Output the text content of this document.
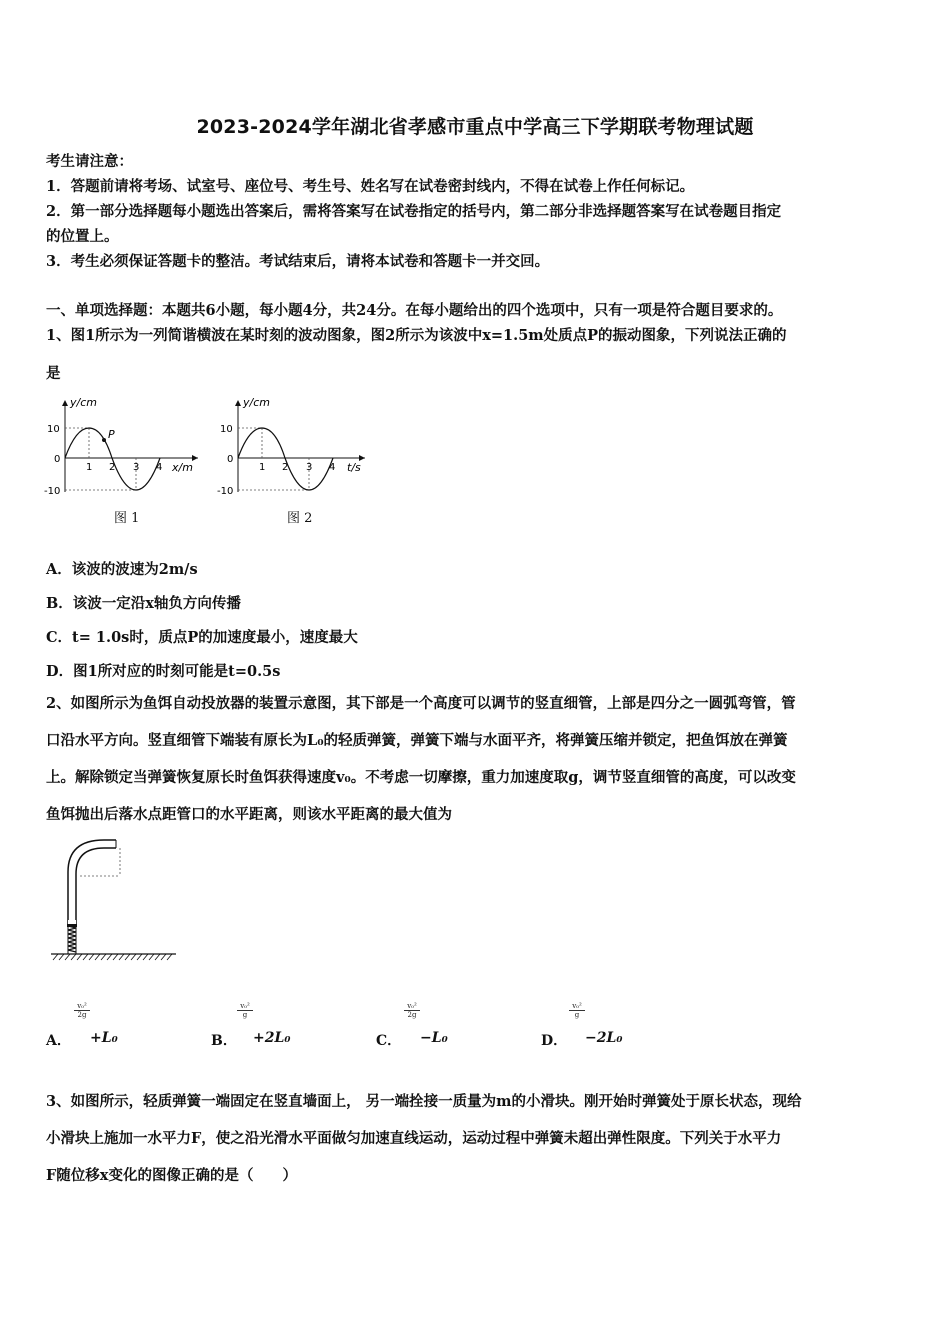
2023-2024学年湖北省孝感市重点中学高三下学期联考物理试题
考生请注意：
1．答题前请将考场、试室号、座位号、考生号、姓名写在试卷密封线内，不得在试卷上作任何标记。
2．第一部分选择题每小题选出答案后，需将答案写在试卷指定的括号内，第二部分非选择题答案写在试卷题目指定
的位置上。
3．考生必须保证答题卡的整洁。考试结束后，请将本试卷和答题卡一并交回。
一、单项选择题：本题共6小题，每小题4分，共24分。在每小题给出的四个选项中，只有一项是符合题目要求的。
1、图1所示为一列简谐横波在某时刻的波动图象，图2所示为该波中x=1.5m处质点P的振动图象，下列说法正确的
是
P
y/cm
x/m
10
0
-10
1 2 3 4
图 1
y/cm
t/s
10
0
-10
1 2 3 4
图 2
A．该波的波速为2m/s
B．该波一定沿x轴负方向传播
C．t= 1.0s时，质点P的加速度最小，速度最大
D．图1所对应的时刻可能是t=0.5s
2、如图所示为鱼饵自动投放器的装置示意图，其下部是一个高度可以调节的竖直细管，上部是四分之一圆弧弯管，管
口沿水平方向。竖直细管下端装有原长为L₀的轻质弹簧，弹簧下端与水面平齐，将弹簧压缩并锁定，把鱼饵放在弹簧
上。解除锁定当弹簧恢复原长时鱼饵获得速度v₀。不考虑一切摩擦，重力加速度取g，调节竖直细管的高度，可以改变
鱼饵抛出后落水点距管口的水平距离，则该水平距离的最大值为
A．
$\frac{\text{v₀²}}{2g}$
+L₀	B．
$\frac{\text{v₀²}}{g}$
+2L₀	C．
$\frac{\text{v₀²}}{2g}$
−L₀	D．
$\frac{\text{v₀²}}{g}$
−2L₀
3、如图所示，轻质弹簧一端固定在竖直墙面上， 另一端拴接一质量为m的小滑块。刚开始时弹簧处于原长状态，现给
小滑块上施加一水平力F，使之沿光滑水平面做匀加速直线运动，运动过程中弹簧未超出弹性限度。下列关于水平力
F随位移x变化的图像正确的是（　　）
